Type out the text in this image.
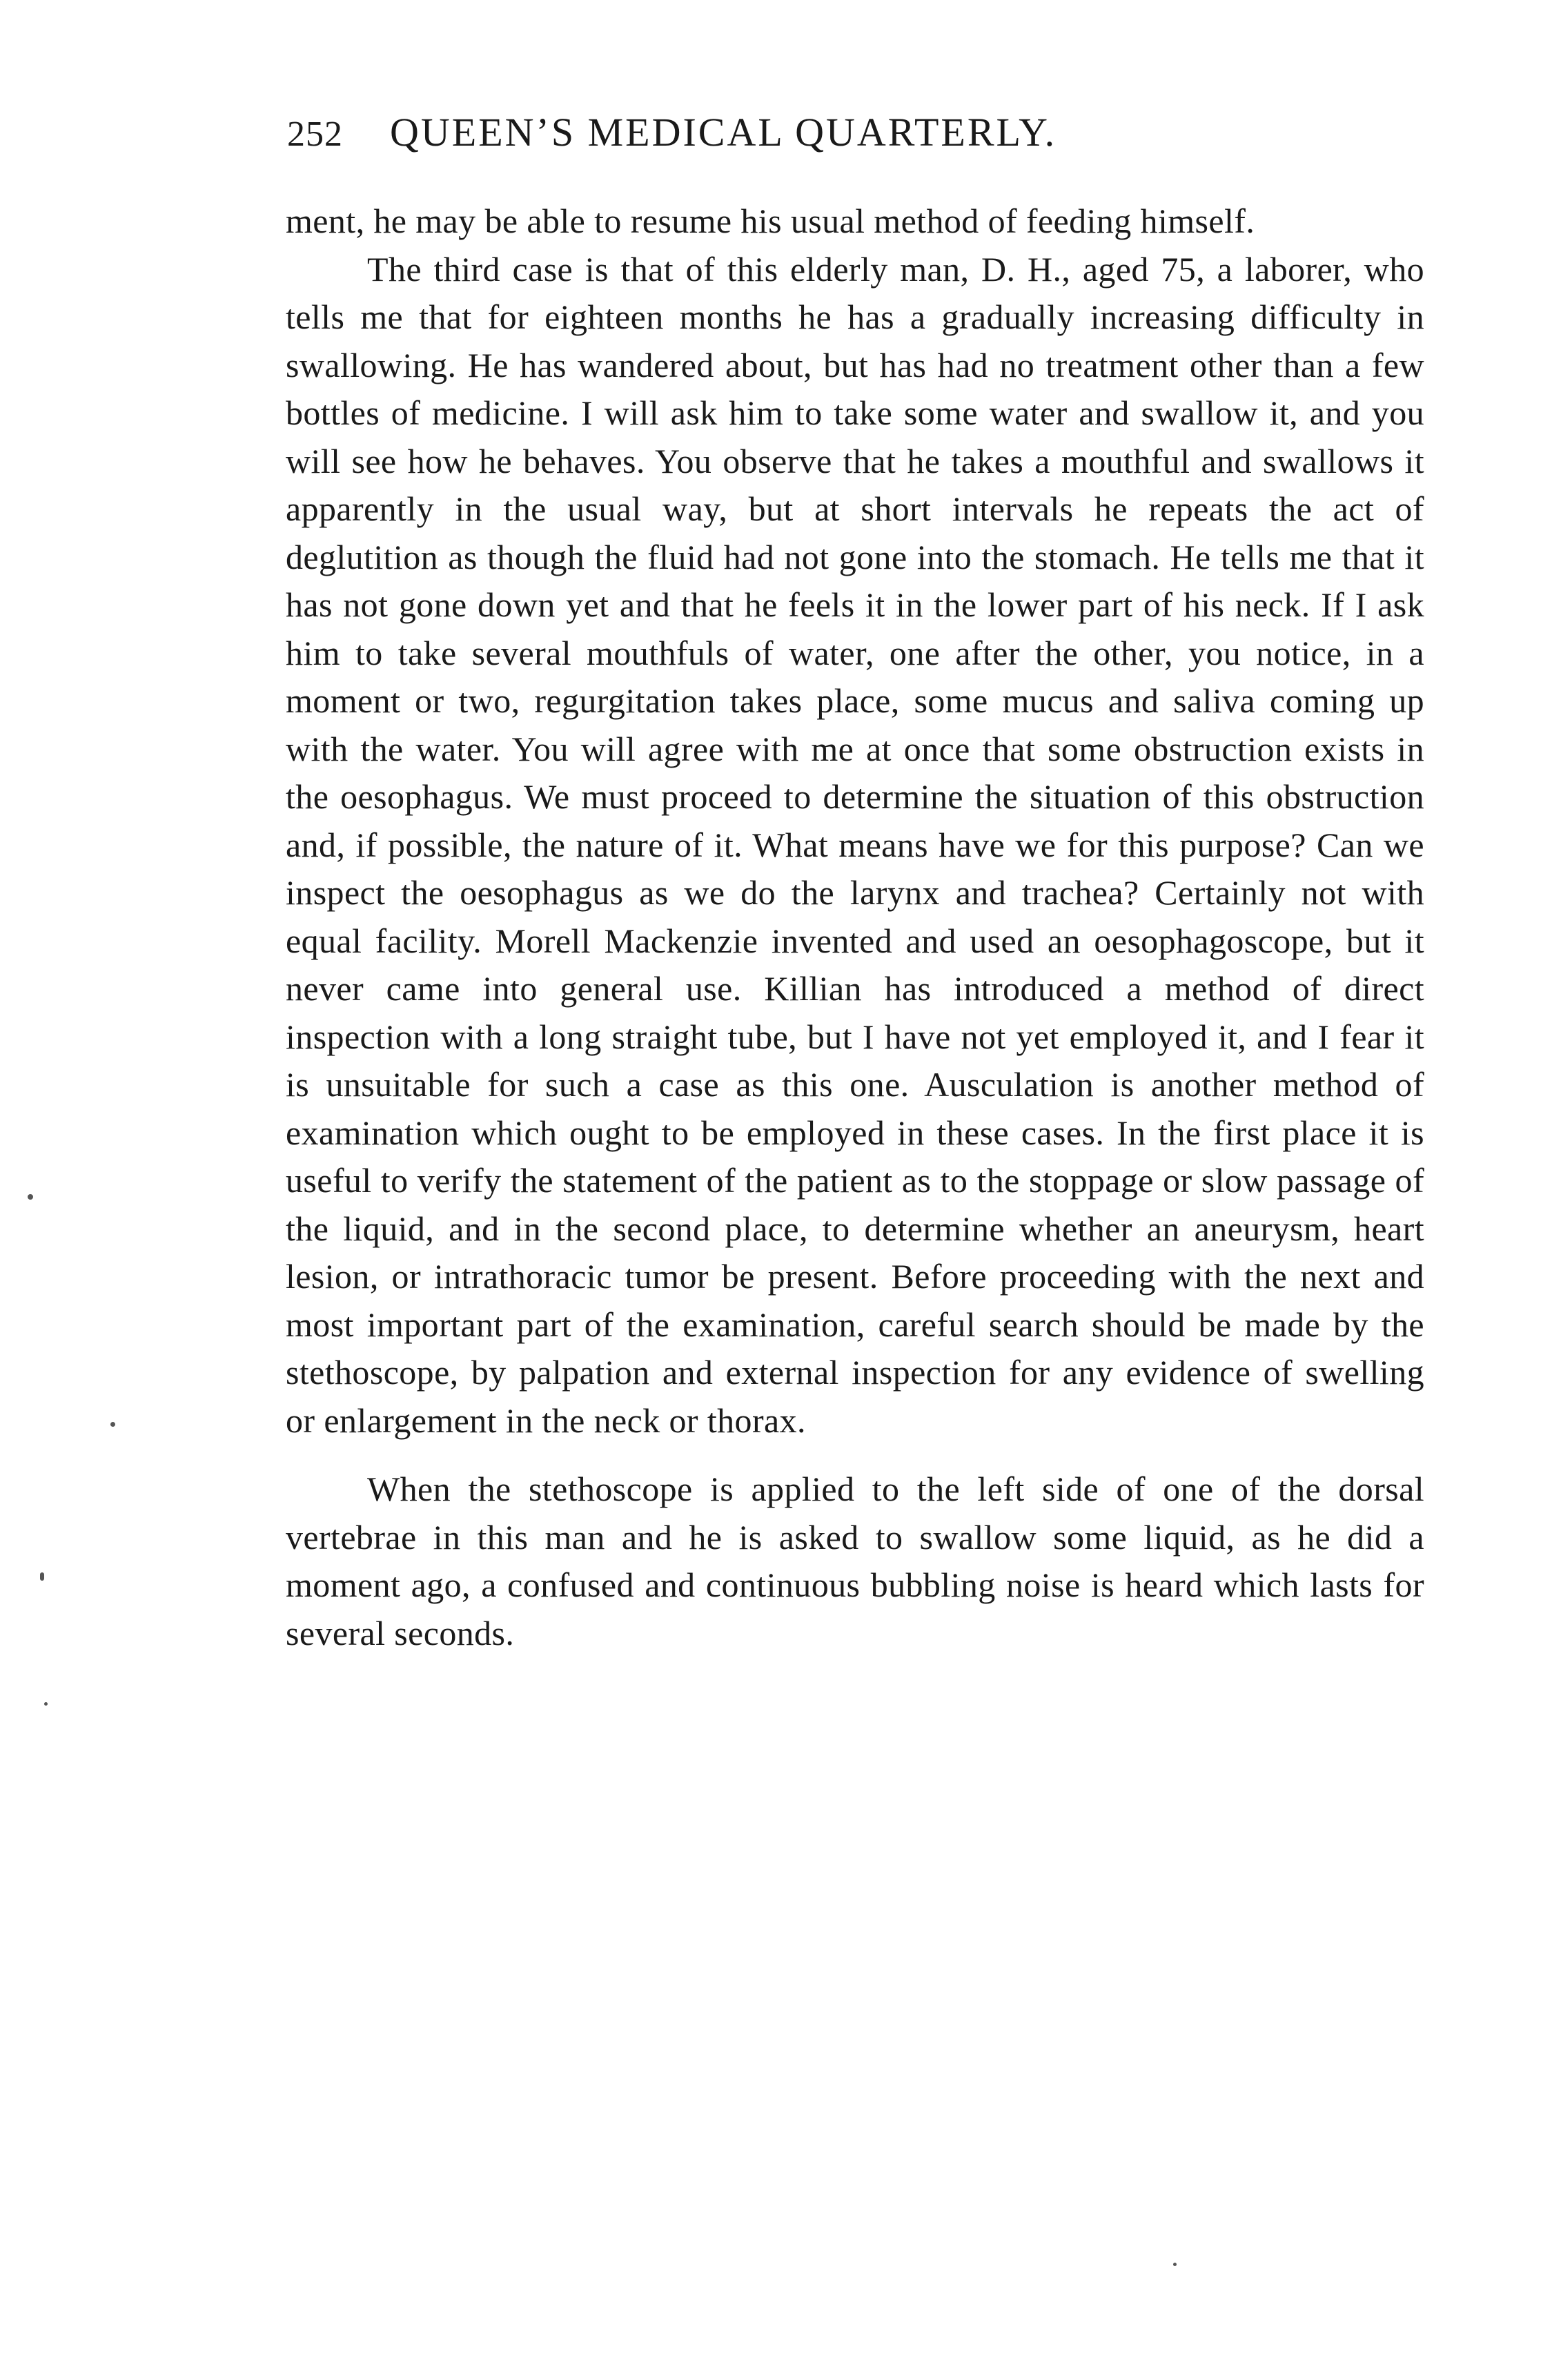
252 QUEEN’S MEDICAL QUARTERLY.

ment, he may be able to resume his usual method of feeding himself.

The third case is that of this elderly man, D. H., aged 75, a laborer, who tells me that for eighteen months he has a gradually increasing difficulty in swallowing. He has wandered about, but has had no treatment other than a few bottles of medicine. I will ask him to take some water and swallow it, and you will see how he behaves. You observe that he takes a mouthful and swallows it apparently in the usual way, but at short intervals he repeats the act of deglutition as though the fluid had not gone into the stomach. He tells me that it has not gone down yet and that he feels it in the lower part of his neck. If I ask him to take several mouthfuls of water, one after the other, you notice, in a moment or two, regurgitation takes place, some mucus and saliva coming up with the water. You will agree with me at once that some obstruction exists in the oesophagus. We must proceed to determine the situation of this obstruction and, if possible, the nature of it. What means have we for this purpose? Can we inspect the oesophagus as we do the larynx and trachea? Certainly not with equal facility. Morell Mackenzie invented and used an oesophagoscope, but it never came into general use. Killian has introduced a method of direct inspection with a long straight tube, but I have not yet employed it, and I fear it is unsuitable for such a case as this one. Ausculation is another method of examination which ought to be employed in these cases. In the first place it is useful to verify the statement of the patient as to the stoppage or slow passage of the liquid, and in the second place, to determine whether an aneurysm, heart lesion, or intrathoracic tumor be present. Before proceeding with the next and most important part of the examination, careful search should be made by the stethoscope, by palpation and external inspection for any evidence of swelling or enlargement in the neck or thorax.

When the stethoscope is applied to the left side of one of the dorsal vertebrae in this man and he is asked to swallow some liquid, as he did a moment ago, a confused and continuous bubbling noise is heard which lasts for several seconds.
